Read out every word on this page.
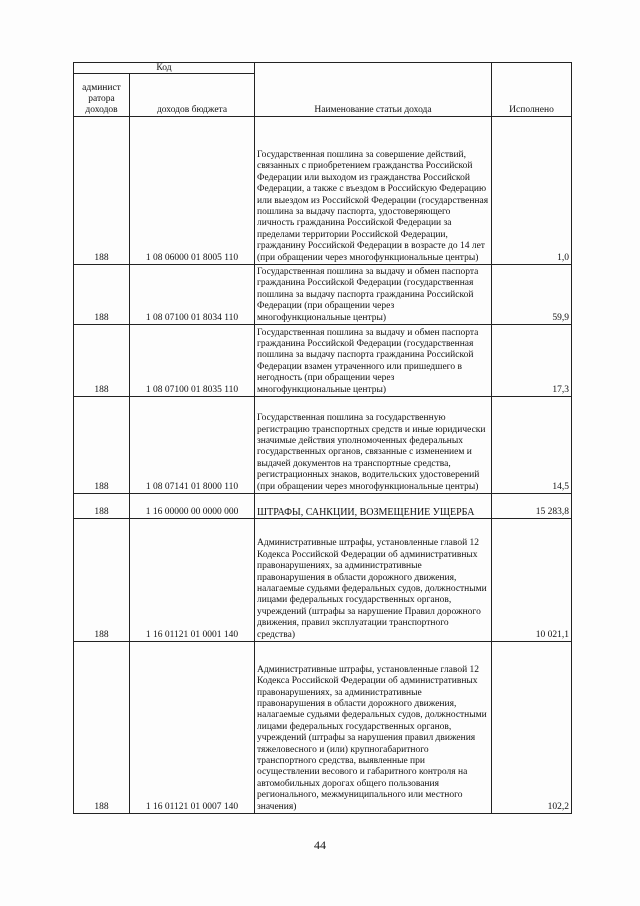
Код		Наименование статьи дохода	Исполнено
админист ратора доходов	доходов бюджета		
188	1 08 06000 01 8005 110	Государственная пошлина за совершение действий, связанных с приобретением гражданства Российской Федерации или выходом из гражданства Российской Федерации, а также с въездом в Российскую Федерацию или выездом из Российской Федерации (государственная пошлина за выдачу паспорта, удостоверяющего личность гражданина Российской Федерации за пределами территории Российской Федерации, гражданину Российской Федерации в возрасте до 14 лет (при обращении через многофункциональные центры)	1,0
188	1 08 07100 01 8034 110	Государственная пошлина за выдачу и обмен паспорта гражданина Российской Федерации (государственная пошлина за выдачу паспорта гражданина Российской Федерации (при обращении через многофункциональные центры)	59,9
188	1 08 07100 01 8035 110	Государственная пошлина за выдачу и обмен паспорта гражданина Российской Федерации (государственная пошлина за выдачу паспорта гражданина Российской Федерации взамен утраченного или пришедшего в негодность (при обращении через многофункциональные центры)	17,3
188	1 08 07141 01 8000 110	Государственная пошлина за государственную регистрацию транспортных средств и иные юридически значимые действия уполномоченных федеральных государственных органов, связанные с изменением и выдачей документов на транспортные средства, регистрационных знаков, водительских удостоверений (при обращении через многофункциональные центры)	14,5
188	1 16 00000 00 0000 000	ШТРАФЫ, САНКЦИИ, ВОЗМЕЩЕНИЕ УЩЕРБА	15 283,8
188	1 16 01121 01 0001 140	Административные штрафы, установленные главой 12 Кодекса Российской Федерации об административных правонарушениях, за административные правонарушения в области дорожного движения, налагаемые судьями федеральных судов, должностными лицами федеральных государственных органов, учреждений (штрафы за нарушение Правил дорожного движения, правил эксплуатации транспортного средства)	10 021,1
188	1 16 01121 01 0007 140	Административные штрафы, установленные главой 12 Кодекса Российской Федерации об административных правонарушениях, за административные правонарушения в области дорожного движения, налагаемые судьями федеральных судов, должностными лицами федеральных государственных органов, учреждений (штрафы за нарушения правил движения тяжеловесного и (или) крупногабаритного транспортного средства, выявленные при осуществлении весового и габаритного контроля на автомобильных дорогах общего пользования регионального, межмуниципального или местного значения)	102,2
44
